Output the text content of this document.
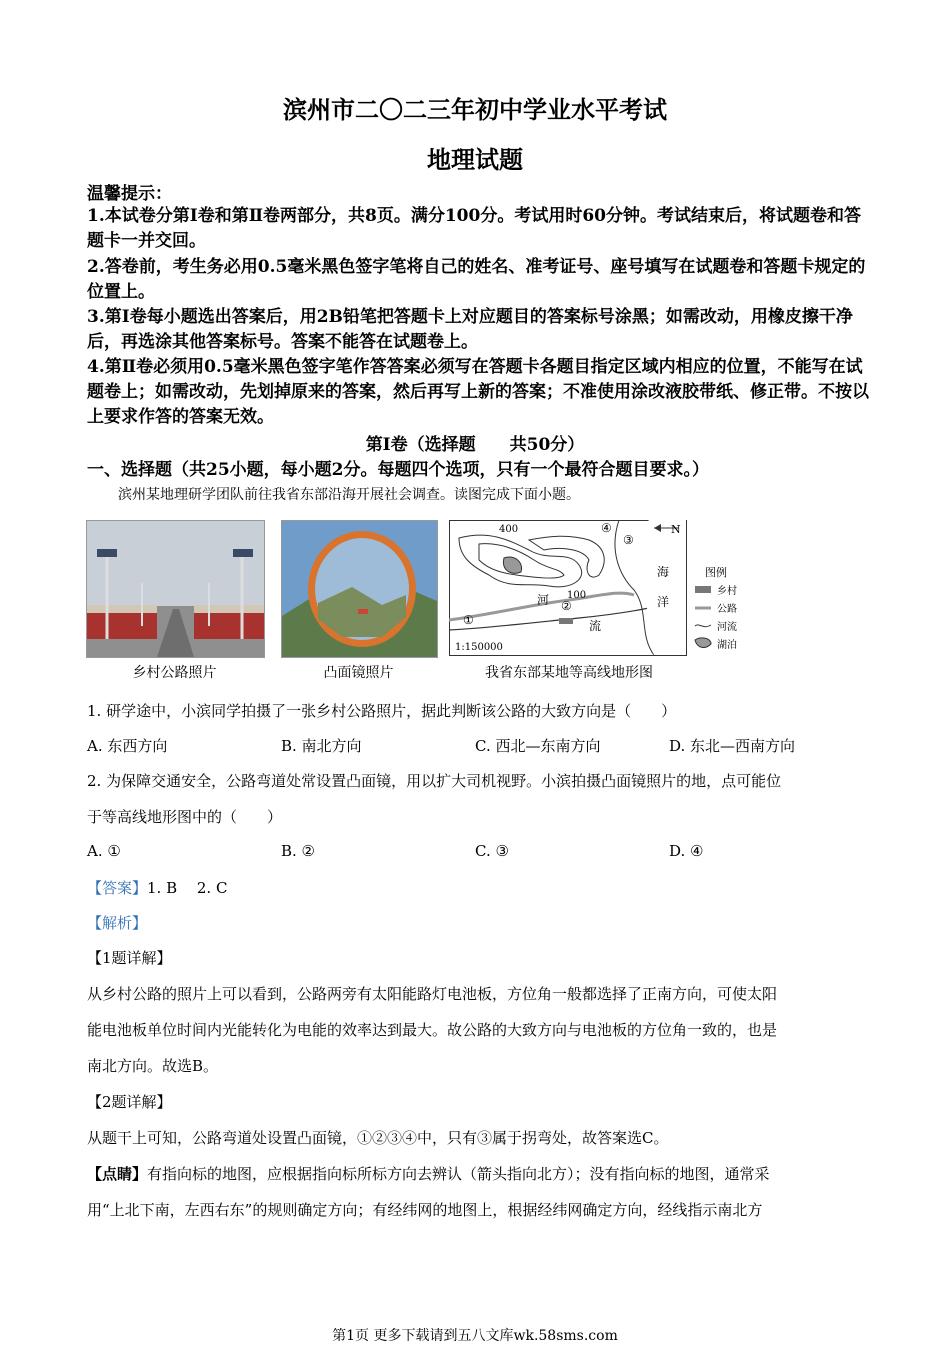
滨州市二〇二三年初中学业水平考试
地理试题
温馨提示：
1.本试卷分第Ⅰ卷和第Ⅱ卷两部分，共8页。满分100分。考试用时60分钟。考试结束后，将试题卷和答题卡一并交回。
2.答卷前，考生务必用0.5毫米黑色签字笔将自己的姓名、准考证号、座号填写在试题卷和答题卡规定的位置上。
3.第Ⅰ卷每小题选出答案后，用2B铅笔把答题卡上对应题目的答案标号涂黑；如需改动，用橡皮擦干净后，再选涂其他答案标号。答案不能答在试题卷上。
4.第Ⅱ卷必须用0.5毫米黑色签字笔作答答案必须写在答题卡各题目指定区域内相应的位置，不能写在试题卷上；如需改动，先划掉原来的答案，然后再写上新的答案；不准使用涂改液胶带纸、修正带。不按以上要求作答的答案无效。
第Ⅰ卷（选择题　　共50分）
一、选择题（共25小题，每小题2分。每题四个选项，只有一个最符合题目要求。）
滨州某地理研学团队前往我省东部沿海开展社会调查。读图完成下面小题。
乡村公路照片	凸面镜照片
N
400
100
④
③
②
①
河
流
海
洋
1:150000
图例
乡村
公路
河流
湖泊
我省东部某地等高线地形图
1. 研学途中，小滨同学拍摄了一张乡村公路照片，据此判断该公路的大致方向是（　　）
A. 东西方向	B. 南北方向	C. 西北—东南方向	D. 东北—西南方向
2. 为保障交通安全，公路弯道处常设置凸面镜，用以扩大司机视野。小滨拍摄凸面镜照片的地，点可能位
于等高线地形图中的（　　）
A. ①	B. ②	C. ③	D. ④
【答案】1. B　 2. C
【解析】
【1题详解】
从乡村公路的照片上可以看到，公路两旁有太阳能路灯电池板，方位角一般都选择了正南方向，可使太阳
能电池板单位时间内光能转化为电能的效率达到最大。故公路的大致方向与电池板的方位角一致的，也是
南北方向。故选B。
【2题详解】
从题干上可知，公路弯道处设置凸面镜，①②③④中，只有③属于拐弯处，故答案选C。
【点睛】有指向标的地图，应根据指向标所标方向去辨认（箭头指向北方）；没有指向标的地图，通常采
用“上北下南，左西右东”的规则确定方向；有经纬网的地图上，根据经纬网确定方向，经线指示南北方
第1页 更多下载请到五八文库wk.58sms.com
